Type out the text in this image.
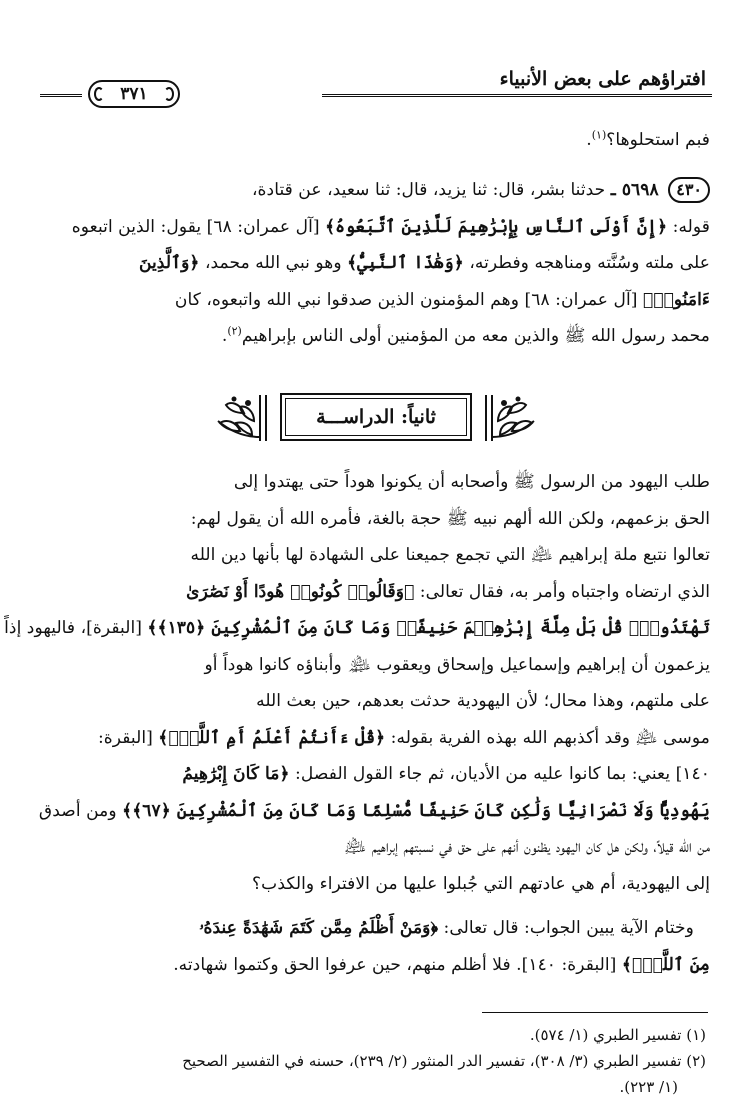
افتراؤهم على بعض الأنبياء
٣٧١
فبم استحلوها؟$^{(١)}$.
٤٣٠ ٥٦٩٨ ـ حدثنا بشر، قال: ثنا يزيد، قال: ثنا سعيد، عن قتادة،
قوله: ﴿إِنَّ أَوْلَى ٱلنَّاسِ بِإِبْرَٰهِيمَ لَلَّذِينَ ٱتَّبَعُوهُ﴾ [آل عمران: ٦٨] يقول: الذين اتبعوه
على ملته وسُنَّته ومناهجه وفطرته، ﴿وَهَٰذَا ٱلنَّبِيُّ﴾ وهو نبي الله محمد، ﴿وَٱلَّذِينَ
ءَامَنُوا۟﴾ [آل عمران: ٦٨] وهم المؤمنون الذين صدقوا نبي الله واتبعوه، كان
محمد رسول الله ﷺ والذين معه من المؤمنين أولى الناس بإبراهيم$^{(٢)}$.
ثانياً: الدراســـة
طلب اليهود من الرسول ﷺ وأصحابه أن يكونوا هوداً حتى يهتدوا إلى
الحق بزعمهم، ولكن الله ألهم نبيه ﷺ حجة بالغة، فأمره الله أن يقول لهم:
تعالوا نتبع ملة إبراهيم ﵇ التي تجمع جميعنا على الشهادة لها بأنها دين الله
الذي ارتضاه واجتباه وأمر به، فقال تعالى: ﴿وَقَالُوا۟ كُونُوا۟ هُودًا أَوْ نَصَٰرَىٰ
تَهْتَدُوا۟ۗ قُلْ بَلْ مِلَّةَ إِبْرَٰهِـۧمَ حَنِيفًاۖ وَمَا كَانَ مِنَ ٱلْمُشْرِكِينَ ﴿١٣٥﴾﴾ [البقرة]، فاليهود إذاً
يزعمون أن إبراهيم وإسماعيل وإسحاق ويعقوب ﵈ وأبناؤه كانوا هوداً أو
على ملتهم، وهذا محال؛ لأن اليهودية حدثت بعدهم، حين بعث الله
موسى ﵇ وقد أكذبهم الله بهذه الفرية بقوله: ﴿قُلْ ءَأَنتُمْ أَعْلَمُ أَمِ ٱللَّهُۗ﴾ [البقرة:
١٤٠] يعني: بما كانوا عليه من الأديان، ثم جاء القول الفصل: ﴿مَا كَانَ إِبْرَٰهِيمُ
يَهُودِيًّا وَلَا نَصْرَانِيًّا وَلَٰكِن كَانَ حَنِيفًا مُّسْلِمًا وَمَا كَانَ مِنَ ٱلْمُشْرِكِينَ ﴿٦٧﴾﴾ ومن أصدق
من الله قيلاً، ولكن هل كان اليهود يظنون أنهم على حق في نسبتهم إبراهيم ﵇
إلى اليهودية، أم هي عادتهم التي جُبلوا عليها من الافتراء والكذب؟
وختام الآية يبين الجواب: قال تعالى: ﴿وَمَنْ أَظْلَمُ مِمَّن كَتَمَ شَهَٰدَةً عِندَهُۥ
مِنَ ٱللَّهِۗ﴾ [البقرة: ١٤٠]. فلا أظلم منهم، حين عرفوا الحق وكتموا شهادته.
(١) تفسير الطبري (١/ ٥٧٤).
(٢) تفسير الطبري (٣/ ٣٠٨)، تفسير الدر المنثور (٢/ ٢٣٩)، حسنه في التفسير الصحيح
(١/ ٢٢٣).
